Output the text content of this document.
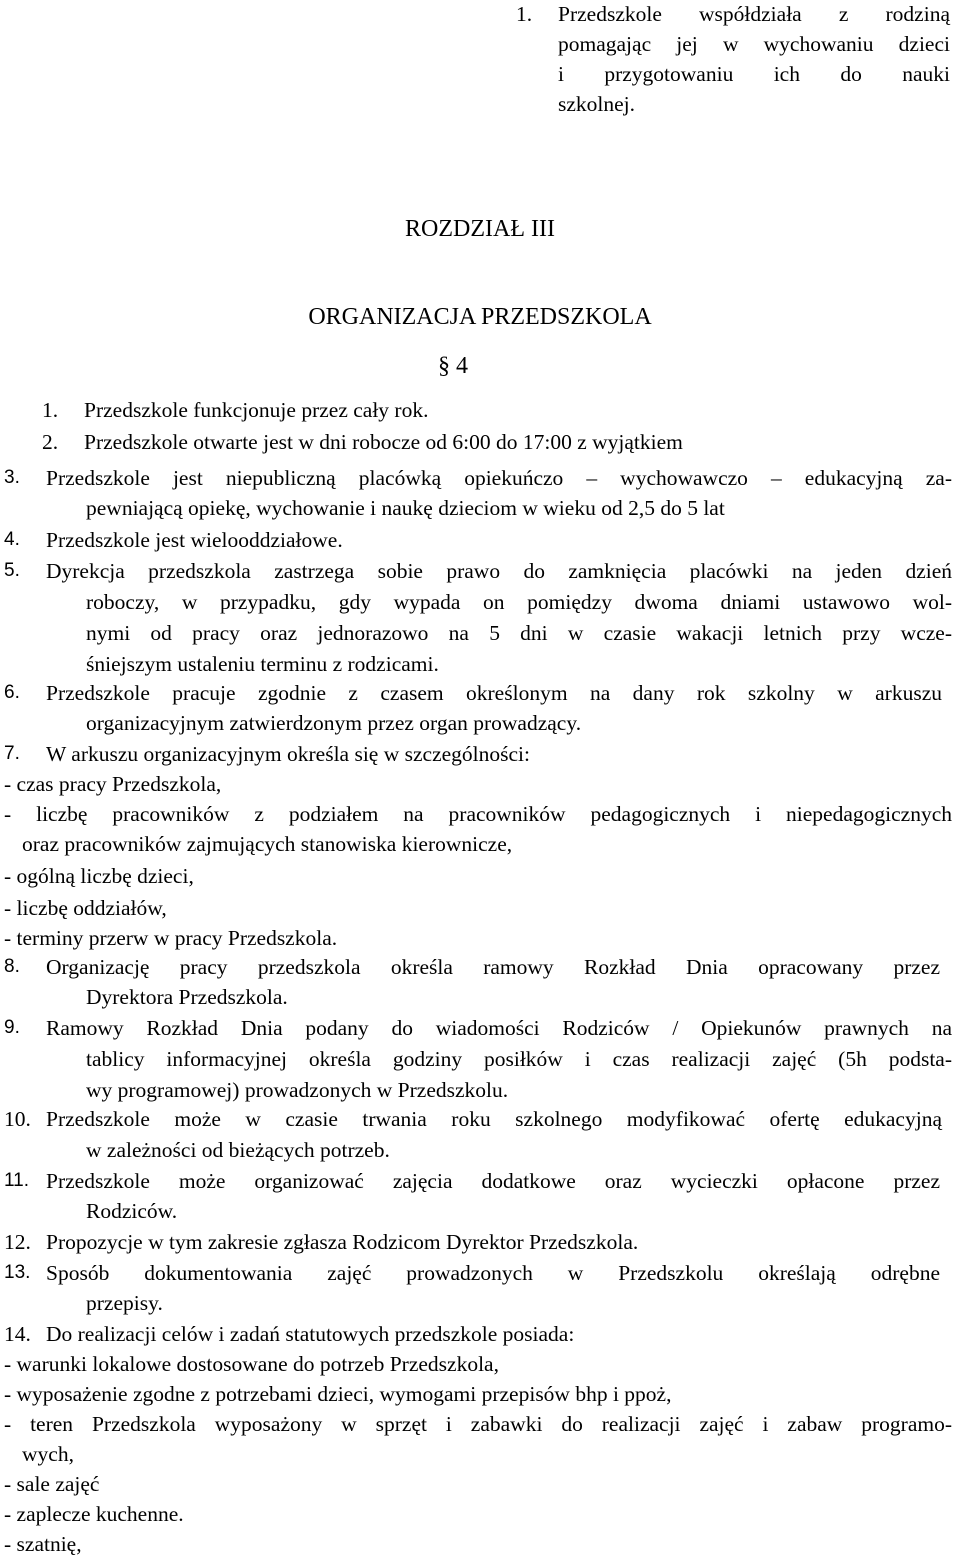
1. Przedszkole współdziała z rodziną
pomagając jej w wychowaniu dzieci
i przygotowaniu ich do nauki
szkolnej.
ROZDZIAŁ III
ORGANIZACJA PRZEDSZKOLA
§ 4
1. Przedszkole funkcjonuje przez cały rok.
2. Przedszkole otwarte jest w dni robocze od 6:00 do 17:00 z wyjątkiem
3. Przedszkole jest niepubliczną placówką opiekuńczo – wychowawczo – edukacyjną za-
pewniającą opiekę, wychowanie i naukę dzieciom w wieku od 2,5 do 5 lat
4. Przedszkole jest wielooddziałowe.
5. Dyrekcja przedszkola zastrzega sobie prawo do zamknięcia placówki na jeden dzień
roboczy, w przypadku, gdy wypada on pomiędzy dwoma dniami ustawowo wol-
nymi od pracy oraz jednorazowo na 5 dni w czasie wakacji letnich przy wcze-
śniejszym ustaleniu terminu z rodzicami.
6. Przedszkole pracuje zgodnie z czasem określonym na dany rok szkolny w arkuszu
organizacyjnym zatwierdzonym przez organ prowadzący.
7. W arkuszu organizacyjnym określa się w szczególności:
- czas pracy Przedszkola,
- liczbę pracowników z podziałem na pracowników pedagogicznych i niepedagogicznych
oraz pracowników zajmujących stanowiska kierownicze,
- ogólną liczbę dzieci,
- liczbę oddziałów,
- terminy przerw w pracy Przedszkola.
8. Organizację pracy przedszkola określa ramowy Rozkład Dnia opracowany przez
Dyrektora Przedszkola.
9. Ramowy Rozkład Dnia podany do wiadomości Rodziców / Opiekunów prawnych na
tablicy informacyjnej określa godziny posiłków i czas realizacji zajęć (5h podsta-
wy programowej) prowadzonych w Przedszkolu.
10. Przedszkole może w czasie trwania roku szkolnego modyfikować ofertę edukacyjną
w zależności od bieżących potrzeb.
11. Przedszkole może organizować zajęcia dodatkowe oraz wycieczki opłacone przez
Rodziców.
12. Propozycje w tym zakresie zgłasza Rodzicom Dyrektor Przedszkola.
13. Sposób dokumentowania zajęć prowadzonych w Przedszkolu określają odrębne
przepisy.
14. Do realizacji celów i zadań statutowych przedszkole posiada:
- warunki lokalowe dostosowane do potrzeb Przedszkola,
- wyposażenie zgodne z potrzebami dzieci, wymogami przepisów bhp i ppoż,
- teren Przedszkola wyposażony w sprzęt i zabawki do realizacji zajęć i zabaw programo-
wych,
- sale zajęć
- zaplecze kuchenne.
- szatnię,
